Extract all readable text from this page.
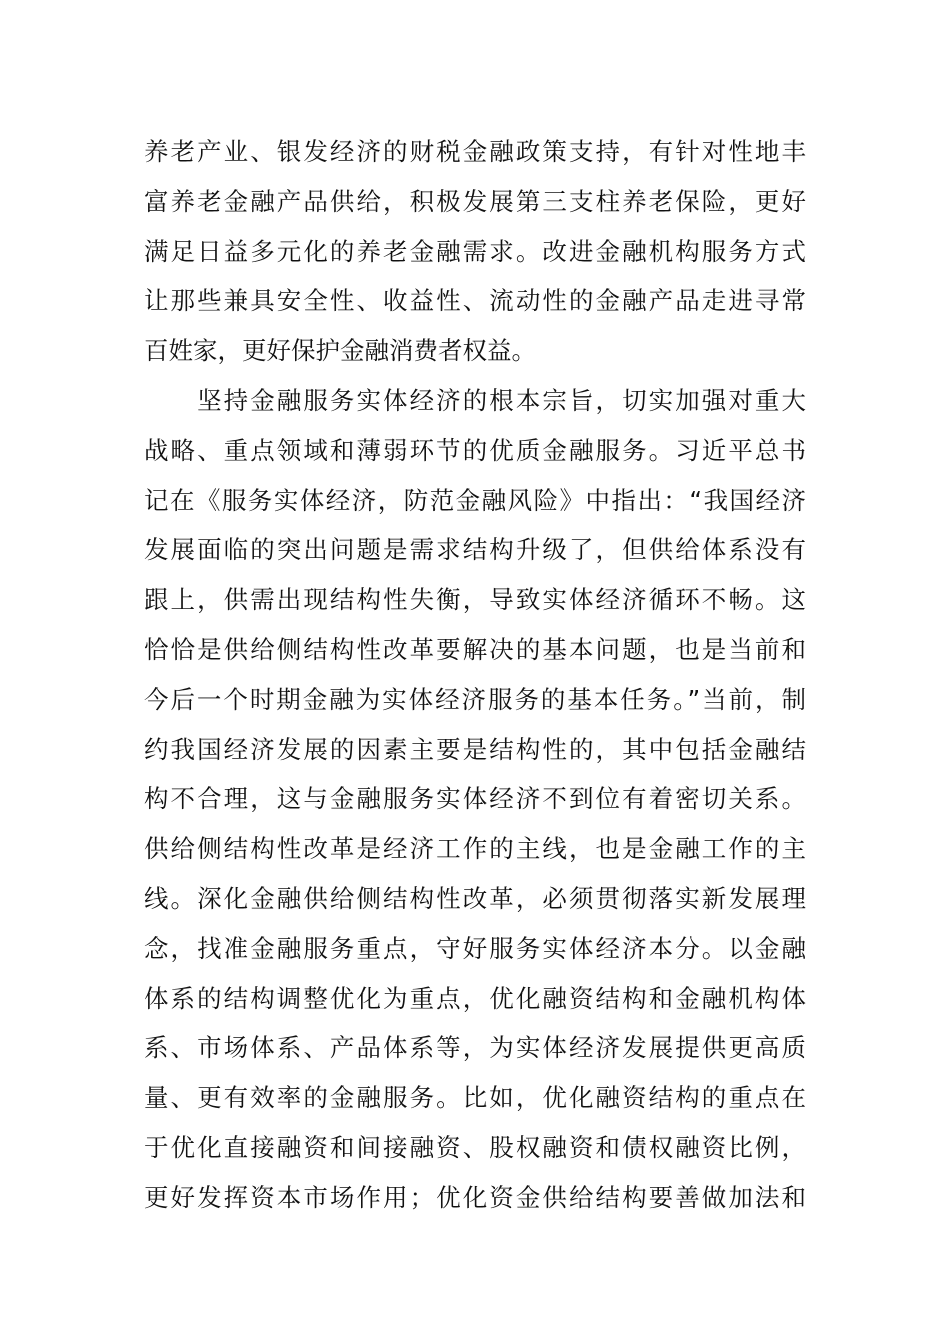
养老产业、银发经济的财税金融政策支持，有针对性地丰
富养老金融产品供给，积极发展第三支柱养老保险，更好
满足日益多元化的养老金融需求。改进金融机构服务方式
让那些兼具安全性、收益性、流动性的金融产品走进寻常
百姓家，更好保护金融消费者权益。
　　坚持金融服务实体经济的根本宗旨，切实加强对重大
战略、重点领域和薄弱环节的优质金融服务。习近平总书
记在《服务实体经济，防范金融风险》中指出：“我国经济
发展面临的突出问题是需求结构升级了，但供给体系没有
跟上，供需出现结构性失衡，导致实体经济循环不畅。这
恰恰是供给侧结构性改革要解决的基本问题，也是当前和
今后一个时期金融为实体经济服务的基本任务。”当前，制
约我国经济发展的因素主要是结构性的，其中包括金融结
构不合理，这与金融服务实体经济不到位有着密切关系。
供给侧结构性改革是经济工作的主线，也是金融工作的主
线。深化金融供给侧结构性改革，必须贯彻落实新发展理
念，找准金融服务重点，守好服务实体经济本分。以金融
体系的结构调整优化为重点，优化融资结构和金融机构体
系、市场体系、产品体系等，为实体经济发展提供更高质
量、更有效率的金融服务。比如，优化融资结构的重点在
于优化直接融资和间接融资、股权融资和债权融资比例，
更好发挥资本市场作用；优化资金供给结构要善做加法和
